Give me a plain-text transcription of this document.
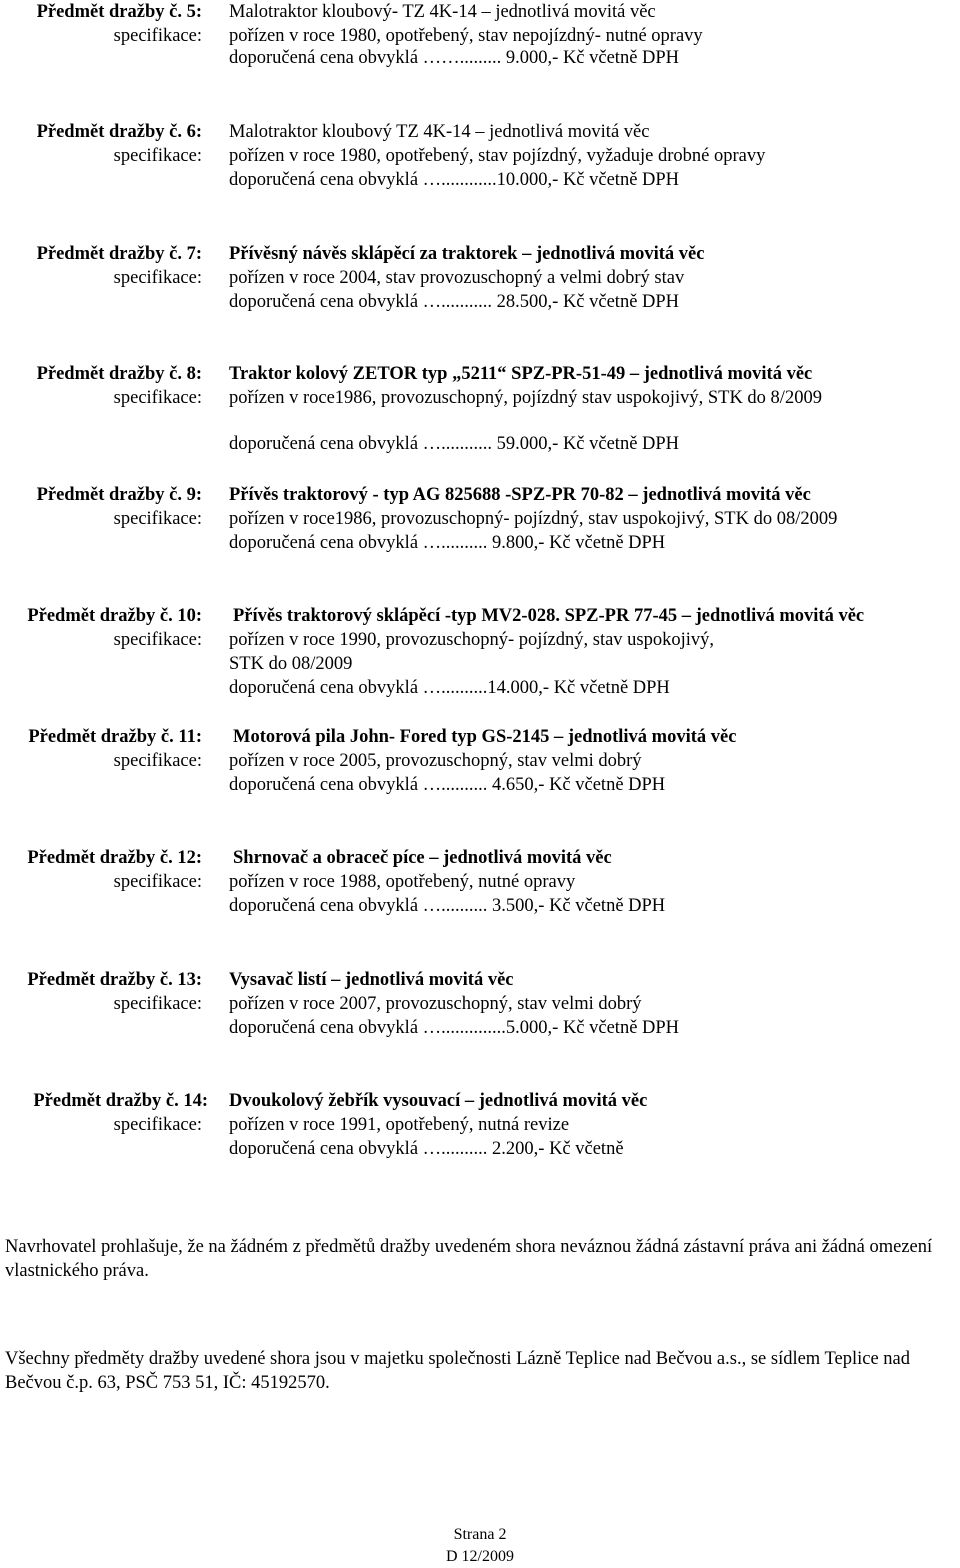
Předmět dražby č. 5:
specifikace:
Malotraktor kloubový- TZ 4K-14 – jednotlivá movitá věc
pořízen v roce 1980, opotřebený, stav nepojízdný- nutné opravy
doporučená cena obvyklá ……......... 9.000,- Kč včetně DPH
Předmět dražby č. 6:
specifikace:
Malotraktor kloubový TZ 4K-14 – jednotlivá movitá věc
pořízen v roce 1980, opotřebený, stav pojízdný, vyžaduje drobné opravy
doporučená cena obvyklá …............10.000,- Kč včetně DPH
Předmět dražby č. 7:
specifikace:
Přívěsný návěs sklápěcí za traktorek – jednotlivá movitá věc
pořízen v roce 2004, stav provozuschopný a velmi dobrý stav
doporučená cena obvyklá …........... 28.500,- Kč včetně DPH
Předmět dražby č. 8:
specifikace:
Traktor kolový ZETOR typ „5211“ SPZ-PR-51-49 – jednotlivá movitá věc
pořízen v roce1986, provozuschopný, pojízdný stav uspokojivý, STK do 8/2009
doporučená cena obvyklá …........... 59.000,- Kč včetně DPH
Předmět dražby č. 9:
specifikace:
Přívěs traktorový - typ AG 825688 -SPZ-PR 70-82 – jednotlivá movitá věc
pořízen v roce1986, provozuschopný- pojízdný, stav uspokojivý, STK do 08/2009
doporučená cena obvyklá ….......... 9.800,- Kč včetně DPH
Předmět dražby č. 10:
specifikace:
Přívěs traktorový sklápěcí -typ MV2-028. SPZ-PR 77-45 – jednotlivá movitá věc
pořízen v roce 1990, provozuschopný- pojízdný, stav uspokojivý,
STK do 08/2009
doporučená cena obvyklá …..........14.000,- Kč včetně DPH
Předmět dražby č. 11:
specifikace:
Motorová pila John- Fored typ GS-2145 – jednotlivá movitá věc
pořízen v roce 2005, provozuschopný, stav velmi dobrý
doporučená cena obvyklá ….......... 4.650,- Kč včetně DPH
Předmět dražby č. 12:
specifikace:
Shrnovač a obraceč píce – jednotlivá movitá věc
pořízen v roce 1988, opotřebený, nutné opravy
doporučená cena obvyklá ….......... 3.500,- Kč včetně DPH
Předmět dražby č. 13:
specifikace:
Vysavač listí – jednotlivá movitá věc
pořízen v roce 2007, provozuschopný, stav velmi dobrý
doporučená cena obvyklá …..............5.000,- Kč včetně DPH
Předmět dražby č. 14:
specifikace:
Dvoukolový žebřík vysouvací – jednotlivá movitá věc
pořízen v roce 1991, opotřebený, nutná revize
doporučená cena obvyklá ….......... 2.200,- Kč včetně
Navrhovatel prohlašuje, že na žádném z předmětů dražby uvedeném shora neváznou žádná zástavní práva ani žádná omezení vlastnického práva.
Všechny předměty dražby uvedené shora jsou v majetku společnosti Lázně Teplice nad Bečvou a.s., se sídlem Teplice nad Bečvou č.p. 63, PSČ 753 51, IČ: 45192570.
Strana 2
D 12/2009
